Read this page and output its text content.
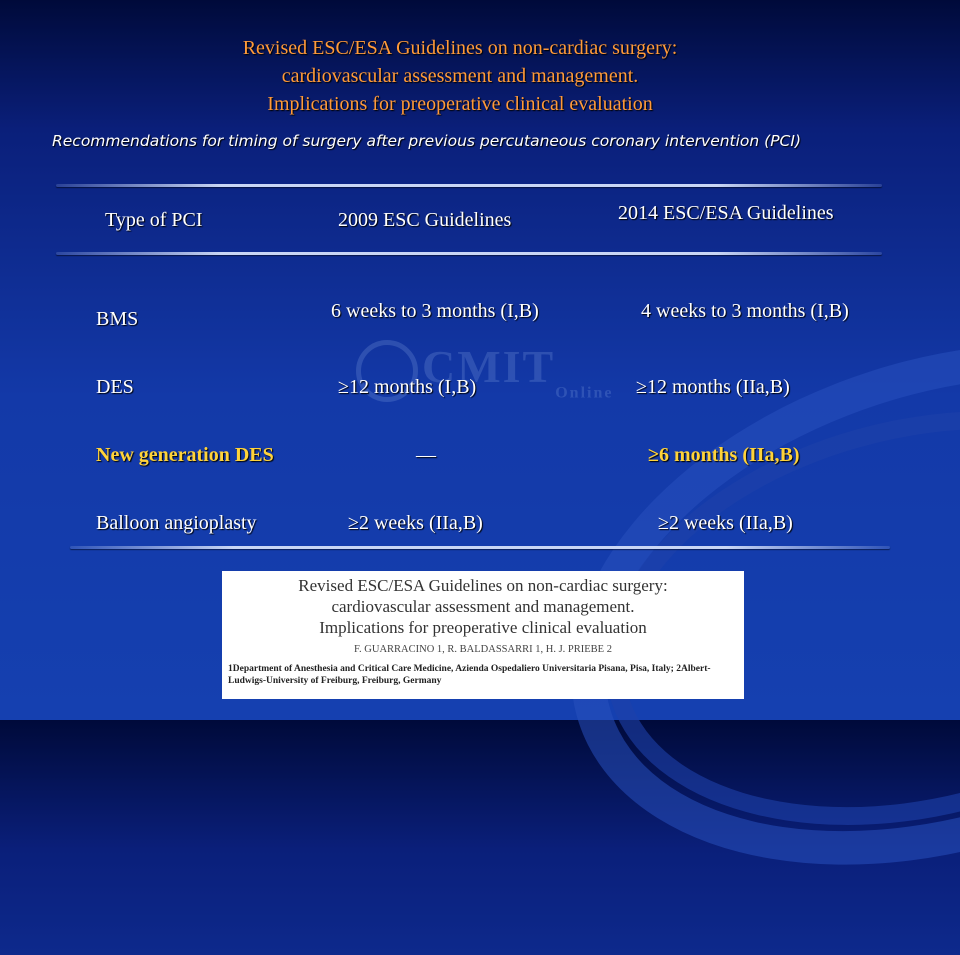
CMITOnline
Revised ESC/ESA Guidelines on non-cardiac surgery:
cardiovascular assessment and management.
Implications for preoperative clinical evaluation
Recommendations for timing of surgery after previous percutaneous coronary intervention (PCI)
Type of PCI	2009 ESC Guidelines	2014 ESC/ESA Guidelines
BMS	6 weeks to 3 months (I,B)	4 weeks to 3 months (I,B)
DES	≥12 months (I,B)	≥12 months (IIa,B)
New generation DES	—	≥6 months (IIa,B)
Balloon angioplasty	≥2 weeks (IIa,B)	≥2 weeks (IIa,B)
Revised ESC/ESA Guidelines on non-cardiac surgery:
cardiovascular assessment and management.
Implications for preoperative clinical evaluation
F. GUARRACINO 1, R. BALDASSARRI 1, H. J. PRIEBE 2
1Department of Anesthesia and Critical Care Medicine, Azienda Ospedaliero Universitaria Pisana, Pisa, Italy; 2Albert-Ludwigs-University of Freiburg, Freiburg, Germany
